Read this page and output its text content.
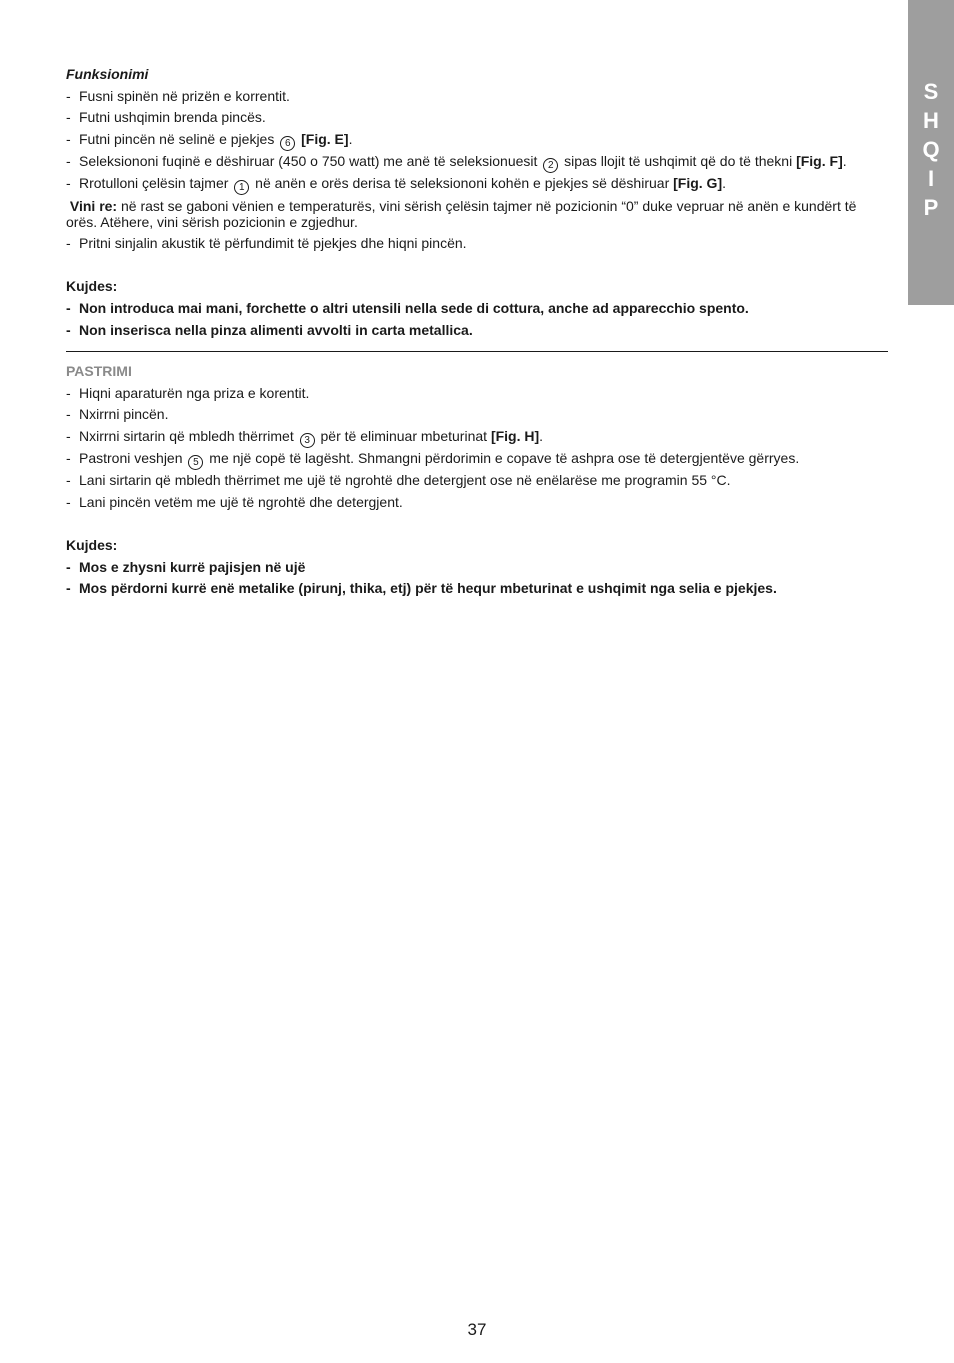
S
H
Q
I
P

Funksionimi

- Fusni spinën në prizën e korrentit.

- Futni ushqimin brenda pincës.

- Futni pincën në selinë e pjekjes 6 [Fig. E].

- Seleksiononi fuqinë e dëshiruar (450 o 750 watt) me anë të seleksionuesit 2 sipas llojit të ushqimit që do të thekni [Fig. F].

- Rrotulloni çelësin tajmer 1 në anën e orës derisa të seleksiononi kohën e pjekjes së dëshiruar [Fig. G].

Vini re: në rast se gaboni vënien e temperaturës, vini sërish çelësin tajmer në pozicionin “0” duke vepruar në anën e kundërt të orës. Atëhere, vini sërish pozicionin e zgjedhur.

- Pritni sinjalin akustik të përfundimit të pjekjes dhe hiqni pincën.

Kujdes:

- Non introduca mai mani, forchette o altri utensili nella sede di cottura, anche ad apparecchio spento.

- Non inserisca nella pinza alimenti avvolti in carta metallica.

PASTRIMI

- Hiqni aparaturën nga priza e korentit.

- Nxirrni pincën.

- Nxirrni sirtarin që mbledh thërrimet 3 për të eliminuar mbeturinat [Fig. H].

- Pastroni veshjen 5 me një copë të lagësht. Shmangni përdorimin e copave të ashpra ose të detergjentëve gërryes.

- Lani sirtarin që mbledh thërrimet me ujë të ngrohtë dhe detergjent ose në enëlarëse me programin 55 °C.

- Lani pincën vetëm me ujë të ngrohtë dhe detergjent.

Kujdes:

- Mos e zhysni kurrë pajisjen në ujë

- Mos përdorni kurrë enë metalike (pirunj, thika, etj) për të hequr mbeturinat e ushqimit nga selia e pjekjes.

37
